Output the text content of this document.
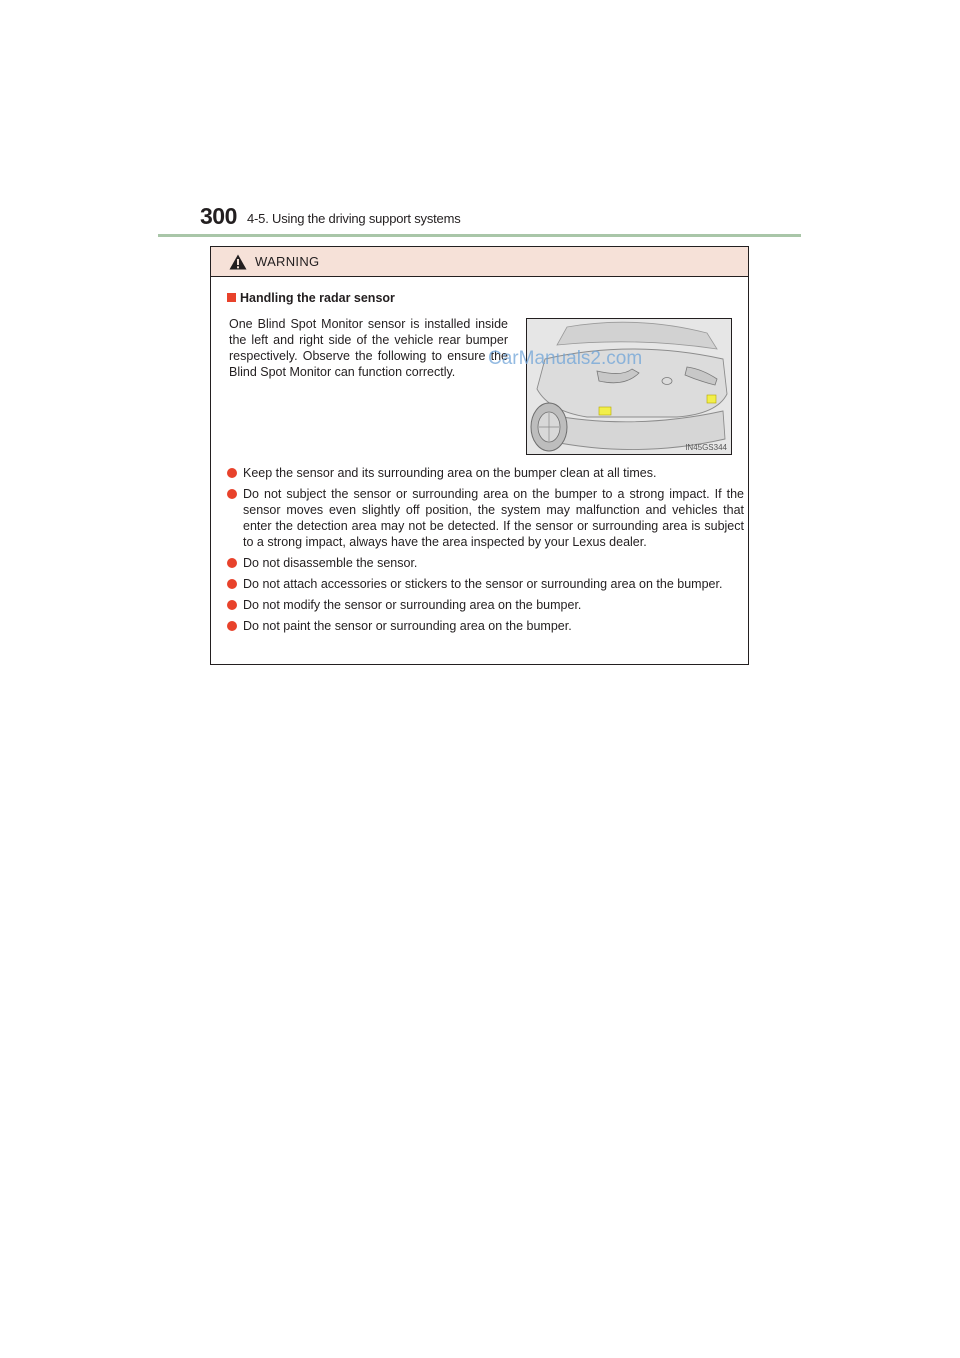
300 4-5. Using the driving support systems
WARNING
Handling the radar sensor
One Blind Spot Monitor sensor is installed inside the left and right side of the vehicle rear bumper respectively. Observe the following to ensure the Blind Spot Monitor can function correctly.
IN45GS344
CarManuals2.com
Keep the sensor and its surrounding area on the bumper clean at all times.
Do not subject the sensor or surrounding area on the bumper to a strong impact. If the sensor moves even slightly off position, the system may malfunction and vehicles that enter the detection area may not be detected. If the sensor or surrounding area is subject to a strong impact, always have the area inspected by your Lexus dealer.
Do not disassemble the sensor.
Do not attach accessories or stickers to the sensor or surrounding area on the bumper.
Do not modify the sensor or surrounding area on the bumper.
Do not paint the sensor or surrounding area on the bumper.
